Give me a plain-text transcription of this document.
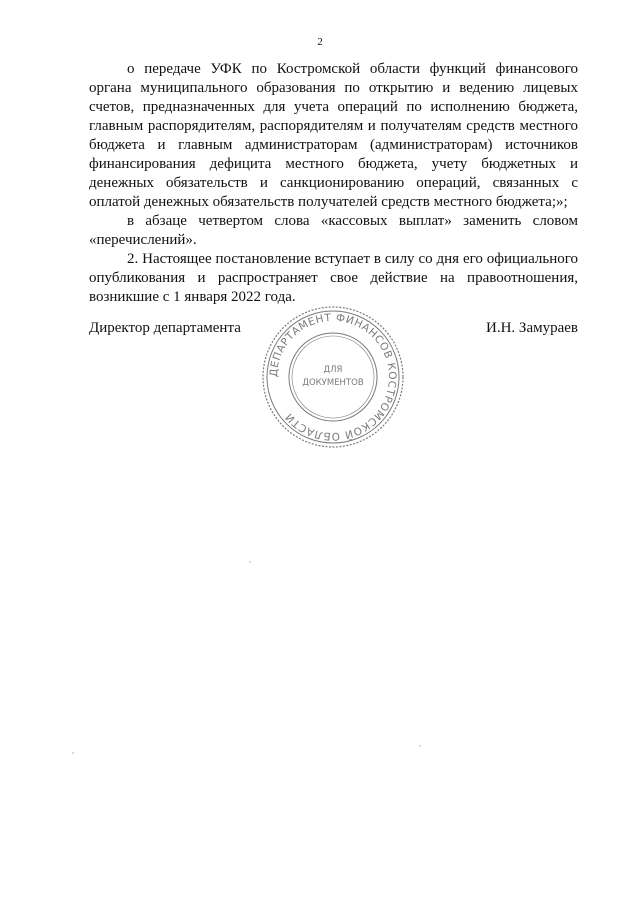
2

о передаче УФК по Костромской области функций финансового органа муниципального образования по открытию и ведению лицевых счетов, предназначенных для учета операций по исполнению бюджета, главным распорядителям, распорядителям и получателям средств местного бюджета и главным администраторам (администраторам) источников финансирования дефицита местного бюджета, учету бюджетных и денежных обязательств и санкционированию операций, связанных с оплатой денежных обязательств получателей средств местного бюджета;»;

в абзаце четвертом слова «кассовых выплат» заменить словом «перечислений».

2. Настоящее постановление вступает в силу со дня его официального опубликования и распространяет свое действие на правоотношения, возникшие с 1 января 2022 года.

Директор департамента	И.Н. Замураев
ДЕПАРТАМЕНТ ФИНАНСОВ КОСТРОМСКОЙ ОБЛАСТИ
ДЛЯ
ДОКУМЕНТОВ
